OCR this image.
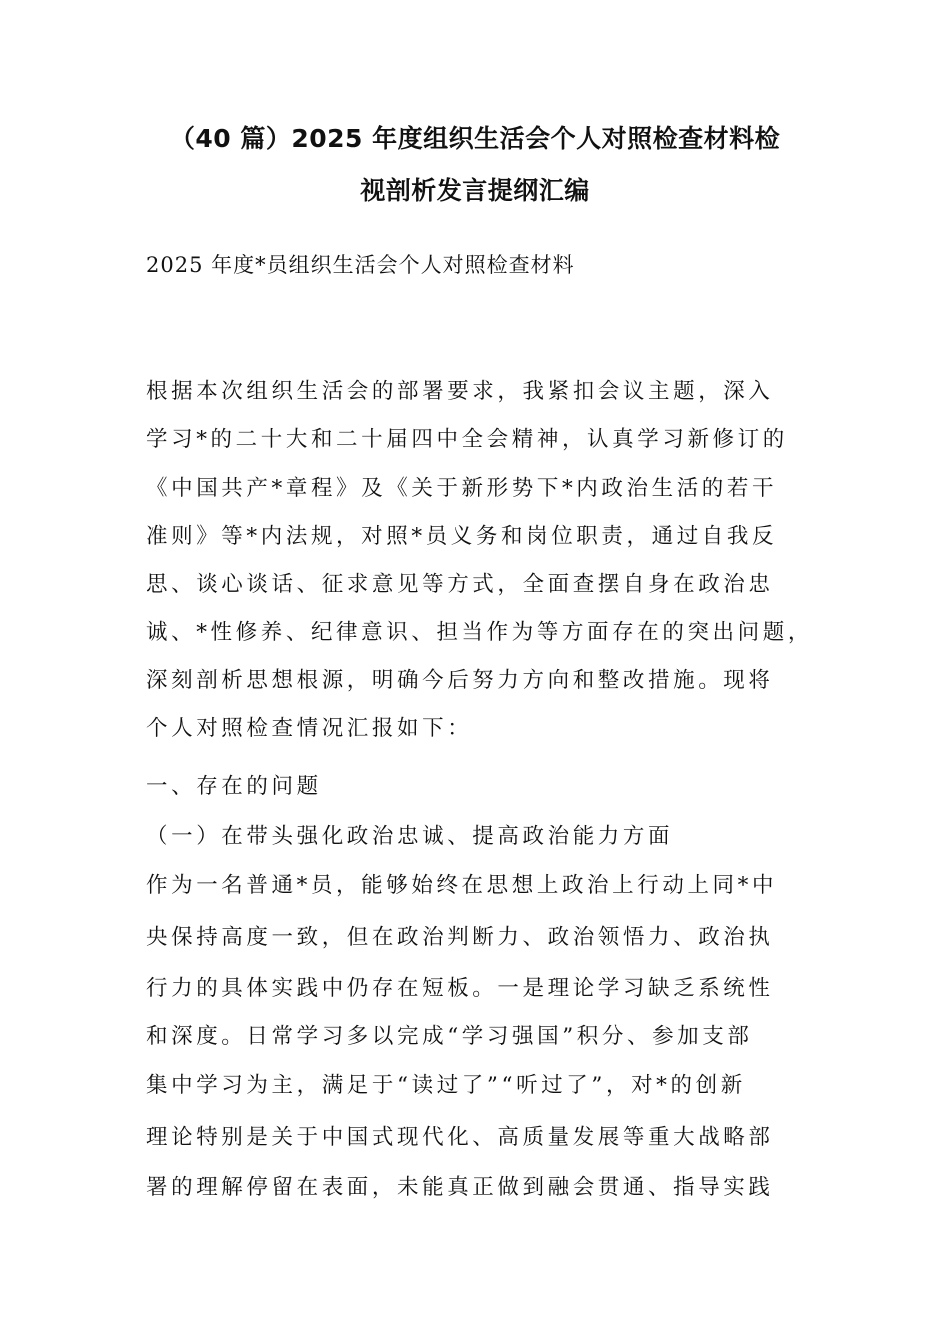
（40 篇）2025 年度组织生活会个人对照检查材料检
视剖析发言提纲汇编
2025 年度*员组织生活会个人对照检查材料
根据本次组织生活会的部署要求，我紧扣会议主题，深入
学习*的二十大和二十届四中全会精神，认真学习新修订的
《中国共产*章程》及《关于新形势下*内政治生活的若干
准则》等*内法规，对照*员义务和岗位职责，通过自我反
思、谈心谈话、征求意见等方式，全面查摆自身在政治忠
诚、*性修养、纪律意识、担当作为等方面存在的突出问题，
深刻剖析思想根源，明确今后努力方向和整改措施。现将
个人对照检查情况汇报如下：
一、存在的问题
（一）在带头强化政治忠诚、提高政治能力方面
作为一名普通*员，能够始终在思想上政治上行动上同*中
央保持高度一致，但在政治判断力、政治领悟力、政治执
行力的具体实践中仍存在短板。一是理论学习缺乏系统性
和深度。日常学习多以完成“学习强国”积分、参加支部
集中学习为主，满足于“读过了”“听过了”，对*的创新
理论特别是关于中国式现代化、高质量发展等重大战略部
署的理解停留在表面，未能真正做到融会贯通、指导实践
